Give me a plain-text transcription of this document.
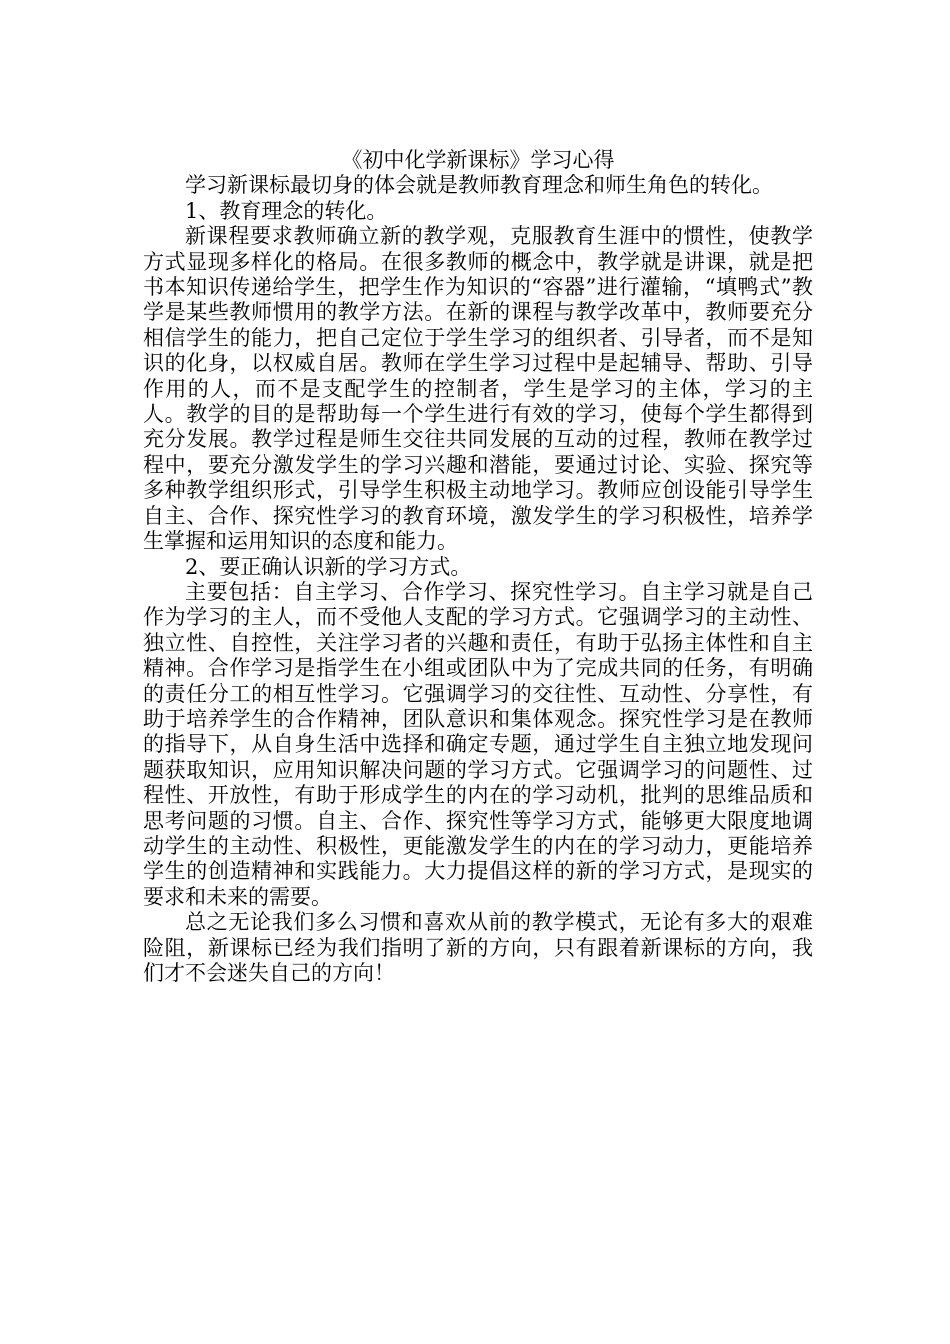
《初中化学新课标》学习心得

学习新课标最切身的体会就是教师教育理念和师生角色的转化。

1、教育理念的转化。

新课程要求教师确立新的教学观，克服教育生涯中的惯性，使教学方式显现多样化的格局。在很多教师的概念中，教学就是讲课，就是把书本知识传递给学生，把学生作为知识的“容器”进行灌输，“填鸭式”教学是某些教师惯用的教学方法。在新的课程与教学改革中，教师要充分相信学生的能力，把自己定位于学生学习的组织者、引导者，而不是知识的化身，以权威自居。教师在学生学习过程中是起辅导、帮助、引导作用的人，而不是支配学生的控制者，学生是学习的主体，学习的主人。教学的目的是帮助每一个学生进行有效的学习，使每个学生都得到充分发展。教学过程是师生交往共同发展的互动的过程，教师在教学过程中，要充分激发学生的学习兴趣和潜能，要通过讨论、实验、探究等多种教学组织形式，引导学生积极主动地学习。教师应创设能引导学生自主、合作、探究性学习的教育环境，激发学生的学习积极性，培养学生掌握和运用知识的态度和能力。

2、要正确认识新的学习方式。

主要包括：自主学习、合作学习、探究性学习。自主学习就是自己作为学习的主人，而不受他人支配的学习方式。它强调学习的主动性、独立性、自控性，关注学习者的兴趣和责任，有助于弘扬主体性和自主精神。合作学习是指学生在小组或团队中为了完成共同的任务，有明确的责任分工的相互性学习。它强调学习的交往性、互动性、分享性，有助于培养学生的合作精神，团队意识和集体观念。探究性学习是在教师的指导下，从自身生活中选择和确定专题，通过学生自主独立地发现问题获取知识，应用知识解决问题的学习方式。它强调学习的问题性、过程性、开放性，有助于形成学生的内在的学习动机，批判的思维品质和思考问题的习惯。自主、合作、探究性等学习方式，能够更大限度地调动学生的主动性、积极性，更能激发学生的内在的学习动力，更能培养学生的创造精神和实践能力。大力提倡这样的新的学习方式，是现实的要求和未来的需要。

总之无论我们多么习惯和喜欢从前的教学模式，无论有多大的艰难险阻，新课标已经为我们指明了新的方向，只有跟着新课标的方向，我们才不会迷失自己的方向！
